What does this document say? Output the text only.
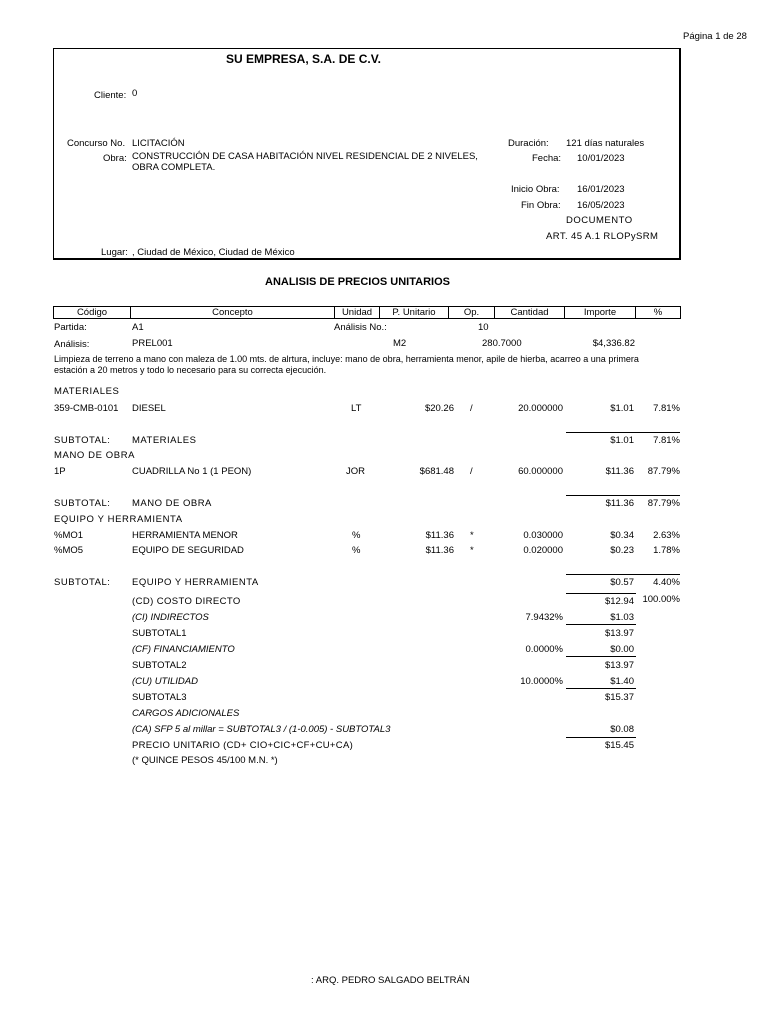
Página 1 de 28
SU EMPRESA, S.A. DE C.V.
Cliente: 0
Concurso No. LICITACIÓN
Obra: CONSTRUCCIÓN DE CASA HABITACIÓN NIVEL RESIDENCIAL DE 2 NIVELES,
OBRA COMPLETA.
Duración: 121 días naturales
Fecha: 10/01/2023
Inicio Obra: 16/01/2023
Fin Obra: 16/05/2023
DOCUMENTO
ART. 45 A.1 RLOPySRM
Lugar: , Ciudad de México, Ciudad de México
ANALISIS DE PRECIOS UNITARIOS
Código	Concepto	Unidad	P. Unitario	Op.	Cantidad	Importe	%
Partida:	A1	Análisis No.:	10
Análisis:	PREL001	M2	280.7000	$4,336.82
Limpieza de terreno a mano con maleza de 1.00 mts. de alrtura, incluye: mano de obra, herramienta menor, apile de hierba, acarreo a una primera
estación a 20 metros y todo lo necesario para su correcta ejecución.
MATERIALES
359-CMB-0101 DIESEL	LT	$20.26 /	20.000000	$1.01	7.81%
SUBTOTAL: MATERIALES	$1.01	7.81%
MANO DE OBRA
1P	CUADRILLA No 1 (1 PEON)	JOR	$681.48 /	60.000000	$11.36	87.79%
SUBTOTAL: MANO DE OBRA	$11.36	87.79%
EQUIPO Y HERRAMIENTA
%MO1	HERRAMIENTA MENOR	%	$11.36 *	0.030000	$0.34	2.63%
%MO5	EQUIPO DE SEGURIDAD	%	$11.36 *	0.020000	$0.23	1.78%
SUBTOTAL: EQUIPO Y HERRAMIENTA	$0.57	4.40%
(CD) COSTO DIRECTO	$12.94 100.00%
(CI) INDIRECTOS	7.9432%	$1.03
SUBTOTAL1	$13.97
(CF) FINANCIAMIENTO	0.0000%	$0.00
SUBTOTAL2	$13.97
(CU) UTILIDAD	10.0000%	$1.40
SUBTOTAL3	$15.37
CARGOS ADICIONALES
(CA) SFP 5 al millar = SUBTOTAL3 / (1-0.005) - SUBTOTAL3	$0.08
PRECIO UNITARIO (CD+ CIO+CIC+CF+CU+CA)	$15.45
(* QUINCE PESOS 45/100 M.N. *)
: ARQ. PEDRO SALGADO BELTRÁN
